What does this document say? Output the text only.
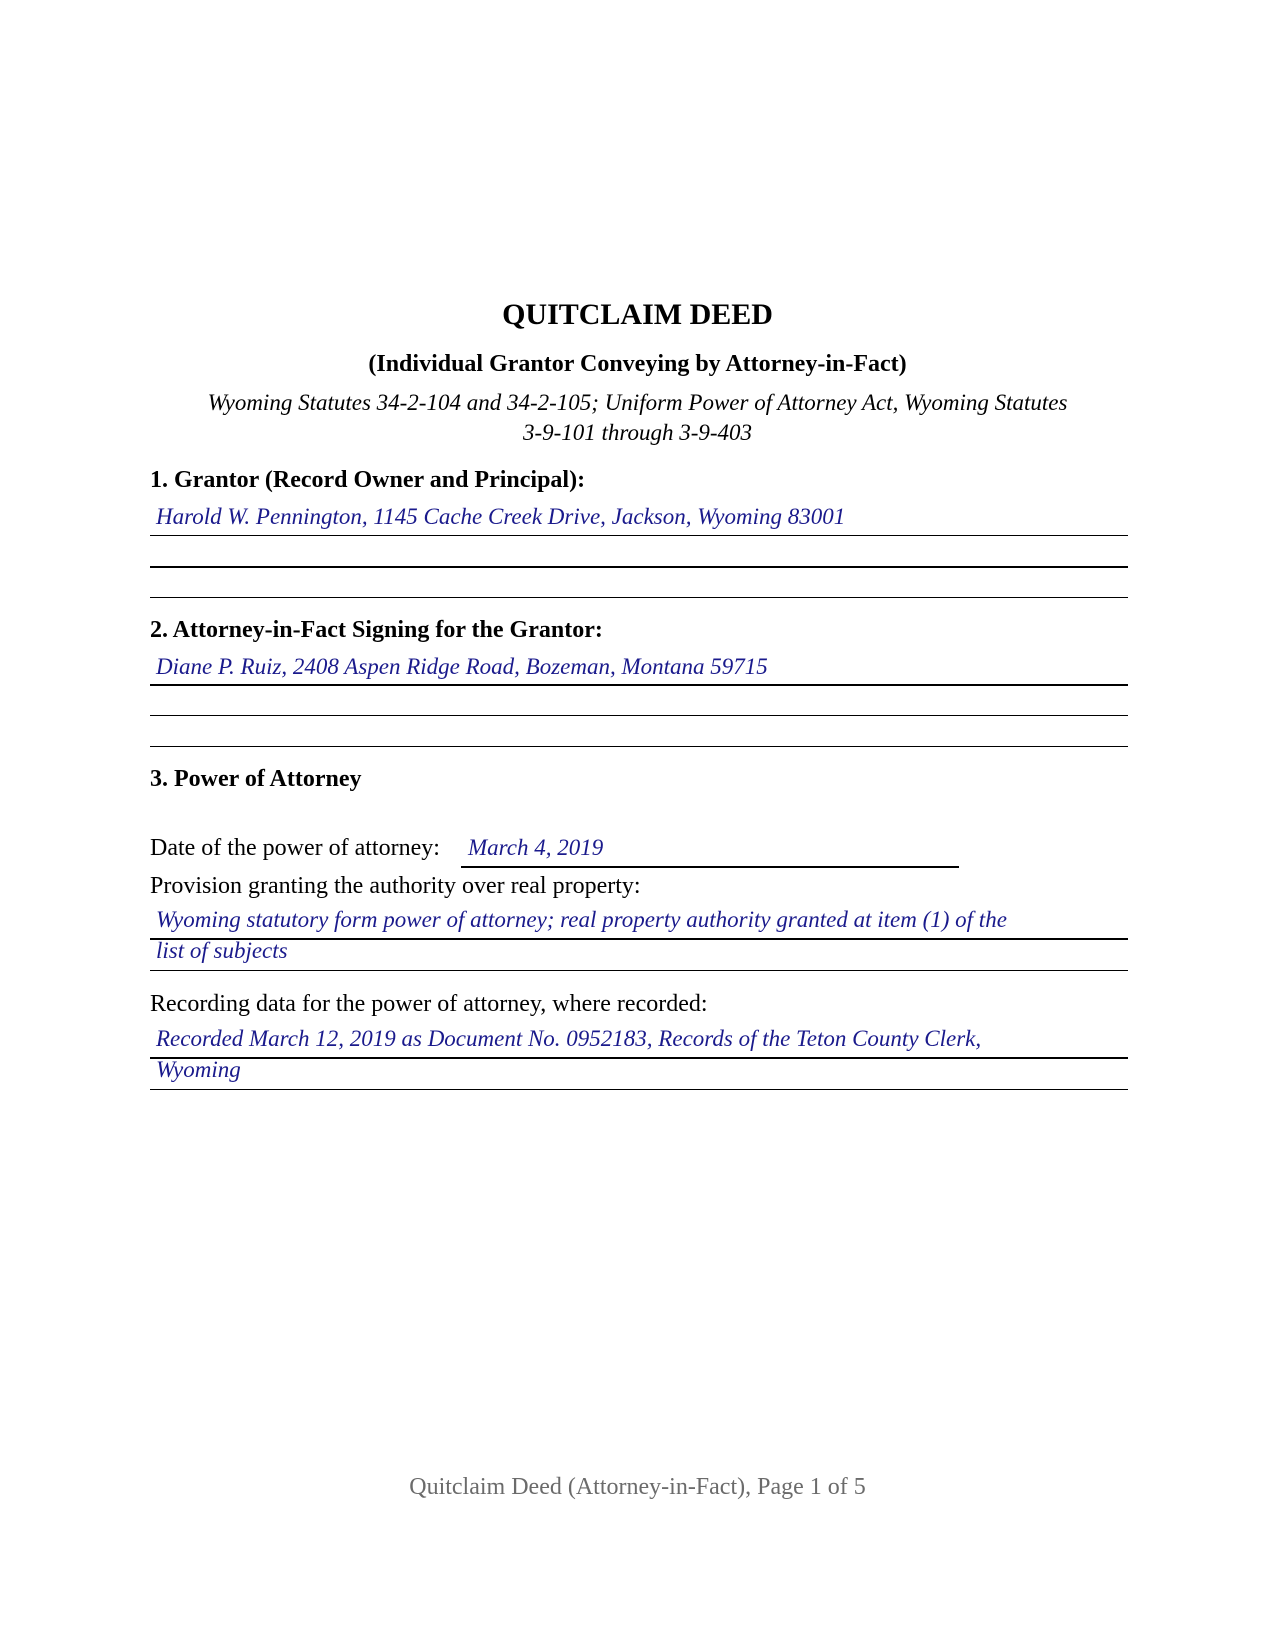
QUITCLAIM DEED
(Individual Grantor Conveying by Attorney-in-Fact)
Wyoming Statutes 34-2-104 and 34-2-105; Uniform Power of Attorney Act, Wyoming Statutes
3-9-101 through 3-9-403
1. Grantor (Record Owner and Principal):
Harold W. Pennington, 1145 Cache Creek Drive, Jackson, Wyoming 83001
2. Attorney-in-Fact Signing for the Grantor:
Diane P. Ruiz, 2408 Aspen Ridge Road, Bozeman, Montana 59715
3. Power of Attorney
Date of the power of attorney: March 4, 2019
Provision granting the authority over real property:
Wyoming statutory form power of attorney; real property authority granted at item (1) of the
list of subjects
Recording data for the power of attorney, where recorded:
Recorded March 12, 2019 as Document No. 0952183, Records of the Teton County Clerk,
Wyoming
Quitclaim Deed (Attorney-in-Fact), Page 1 of 5
